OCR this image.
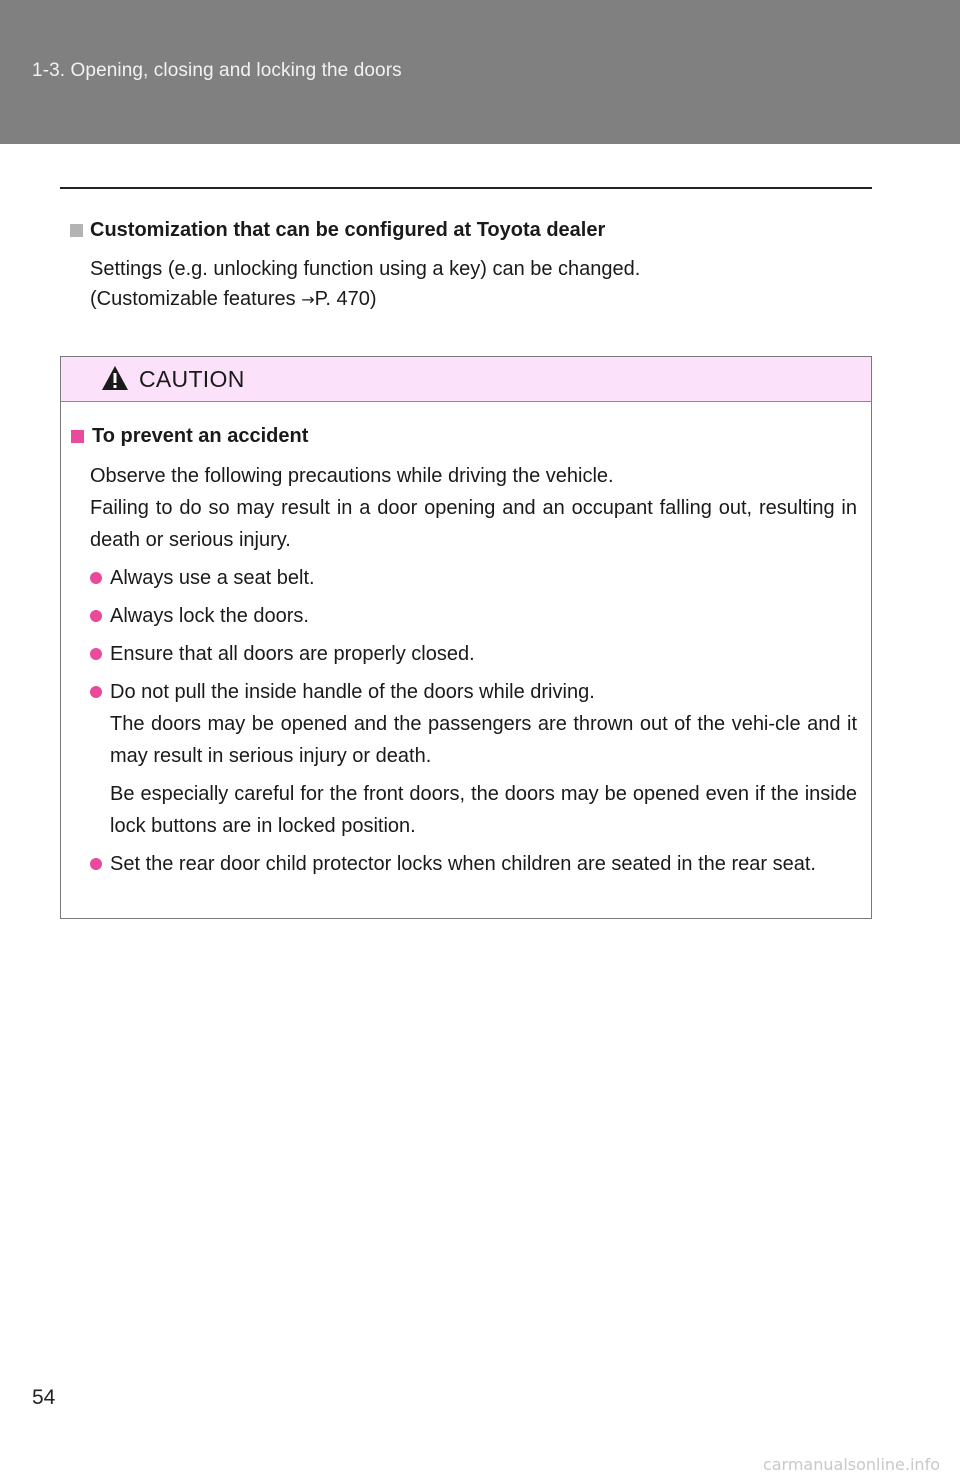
1-3. Opening, closing and locking the doors
Customization that can be configured at Toyota dealer
Settings (e.g. unlocking function using a key) can be changed.
(Customizable features →P. 470)
CAUTION
To prevent an accident
Observe the following precautions while driving the vehicle.
Failing to do so may result in a door opening and an occupant falling out, resulting in death or serious injury.
Always use a seat belt.
Always lock the doors.
Ensure that all doors are properly closed.
Do not pull the inside handle of the doors while driving.
The doors may be opened and the passengers are thrown out of the vehi-cle and it may result in serious injury or death.
Be especially careful for the front doors, the doors may be opened even if the inside lock buttons are in locked position.
Set the rear door child protector locks when children are seated in the rear seat.
54
carmanualsonline.info
